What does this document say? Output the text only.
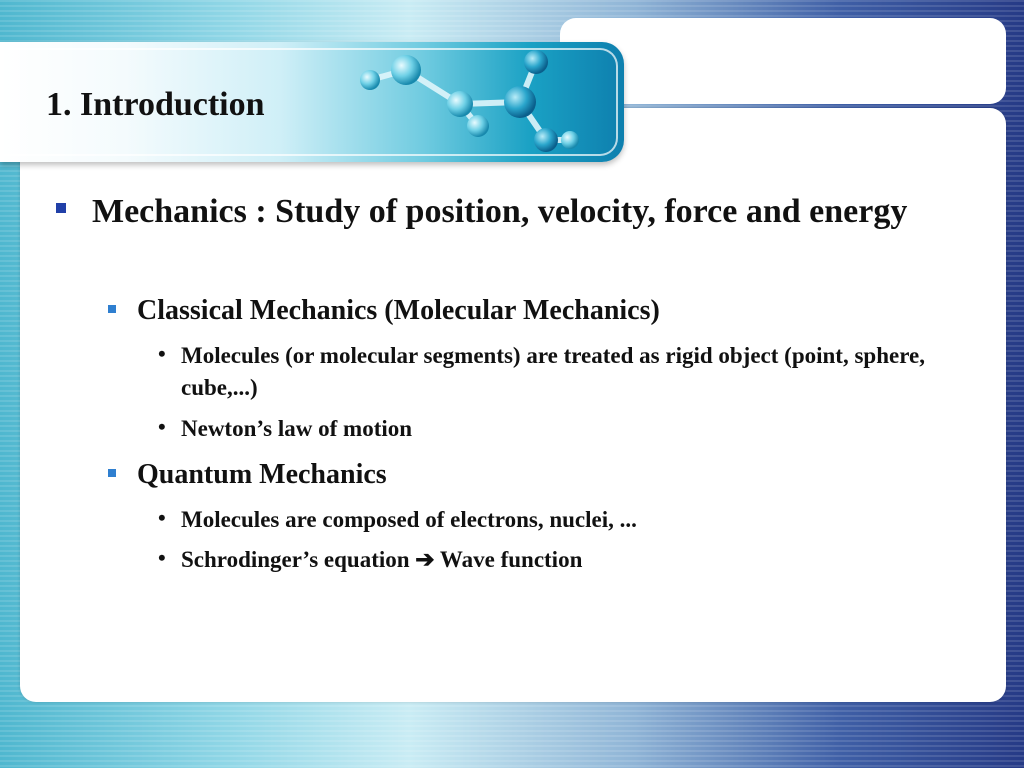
1. Introduction
Mechanics : Study of position, velocity, force and energy
Classical Mechanics (Molecular Mechanics)
• Molecules (or molecular segments) are treated as rigid object (point, sphere, cube,...)
• Newton’s law of motion
Quantum Mechanics
• Molecules are composed of electrons, nuclei, ...
• Schrodinger’s equation ➔ Wave function
